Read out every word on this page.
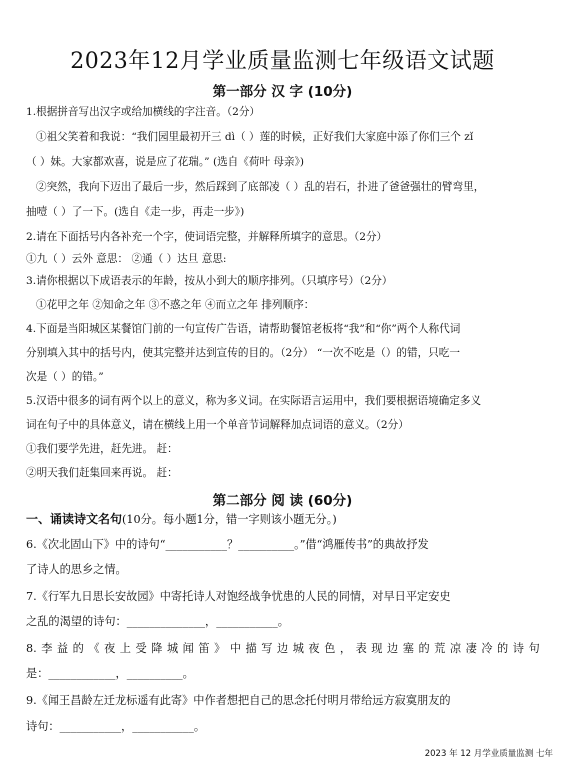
2023年12月学业质量监测七年级语文试题
第一部分 汉 字 (10分)
1.根据拼音写出汉字或给加横线的字注音。（2分）
①祖父笑着和我说：“我们园里最初开三 dì（ ）莲的时候，正好我们大家庭中添了你们三个 zǐ
（ ）妹。大家都欢喜，说是应了花瑞。” (选自《荷叶 母亲》)
②突然，我向下迈出了最后一步，然后踩到了底部凌（ ）乱的岩石，扑进了爸爸强壮的臂弯里，
抽噎（ ）了一下。(选自《走一步，再走一步》)
2.请在下面括号内各补充一个字，使词语完整，并解释所填字的意思。（2分）
①九（ ）云外 意思： ②通（ ）达旦 意思:
3.请你根据以下成语表示的年龄，按从小到大的顺序排列。（只填序号）（2分）
①花甲之年 ②知命之年 ③不惑之年 ④而立之年 排列顺序：
4.下面是当阳城区某餐馆门前的一句宣传广告语，请帮助餐馆老板将“我”和“你”两个人称代词
分别填入其中的括号内，使其完整并达到宣传的目的。（2分） “一次不吃是（）的错，只吃一
次是（ ）的错。”
5.汉语中很多的词有两个以上的意义，称为多义词。在实际语言运用中，我们要根据语境确定多义
词在句子中的具体意义，请在横线上用一个单音节词解释加点词语的意义。（2分）
①我们要学先进，赶先进。 赶：
②明天我们赶集回来再说。 赶：
第二部分 阅 读 (60分)
一、诵读诗文名句(10分。每小题1分，错一字则该小题无分。)
6.《次北固山下》中的诗句“___________？__________。”借“鸿雁传书”的典故抒发
了诗人的思乡之情。
7.《行军九日思长安故园》中寄托诗人对饱经战争忧患的人民的同情，对早日平定安史
之乱的渴望的诗句：______________，___________。
8. 李 益 的 《 夜 上 受 降 城 闻 笛 》 中 描 写 边 城 夜 色 ， 表 现 边 塞 的 荒 凉 凄 冷 的 诗 句
是：____________，__________。
9.《闻王昌龄左迁龙标遥有此寄》中作者想把自己的思念托付明月带给远方寂寞朋友的
诗句：___________，___________。
2023 年 12 月学业质量监测 七年
